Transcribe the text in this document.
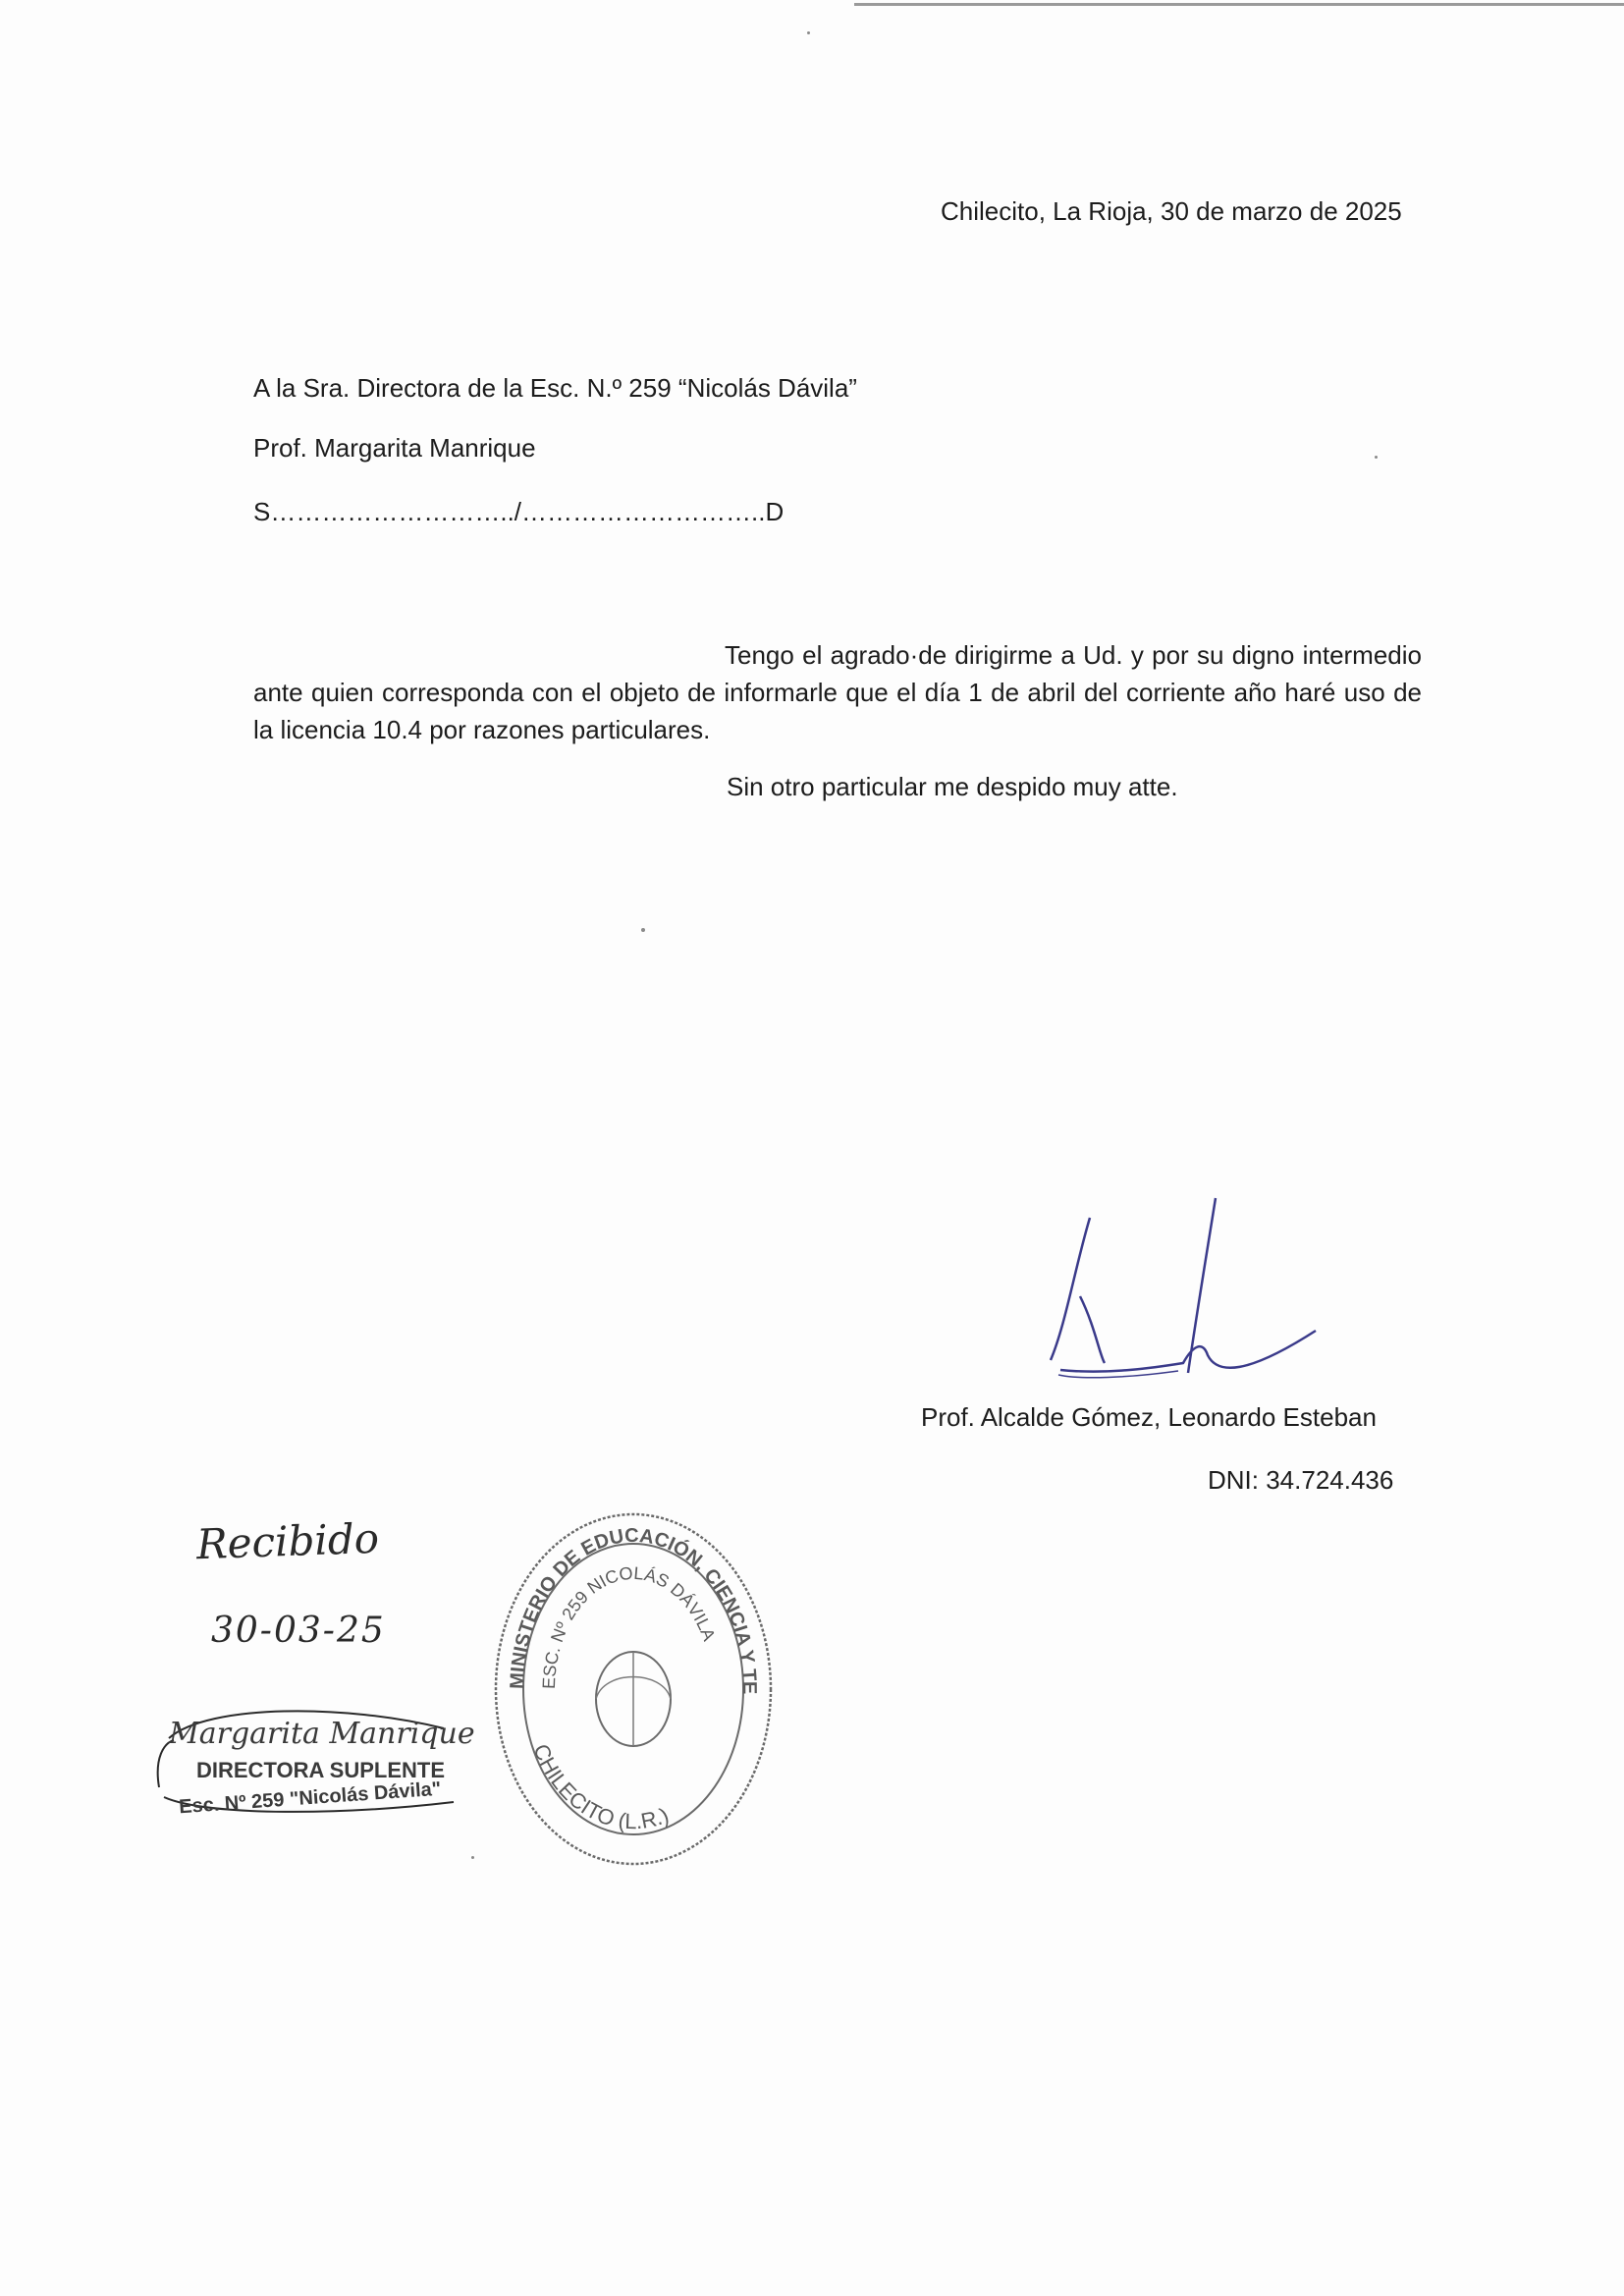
Chilecito, La Rioja, 30 de marzo de 2025
A la Sra. Directora de la Esc. N.º 259 “Nicolás Dávila”
Prof. Margarita Manrique
S………………………../………………………..D

Tengo el agrado·de dirigirme a Ud. y por su digno intermedio ante quien corresponda con el objeto de informarle que el día 1 de abril del corriente año haré uso de la licencia 10.4 por razones particulares.

Sin otro particular me despido muy atte.
Prof. Alcalde Gómez, Leonardo Esteban
DNI: 34.724.436
Recibido
30-03-25
Margarita Manrique
DIRECTORA SUPLENTE
Esc. Nº 259 "Nicolás Dávila"
MINISTERIO DE EDUCACIÓN, CIENCIA Y TE
ESC. Nº 259 NICOLÁS DÁVILA
CHILECITO (L.R.)
